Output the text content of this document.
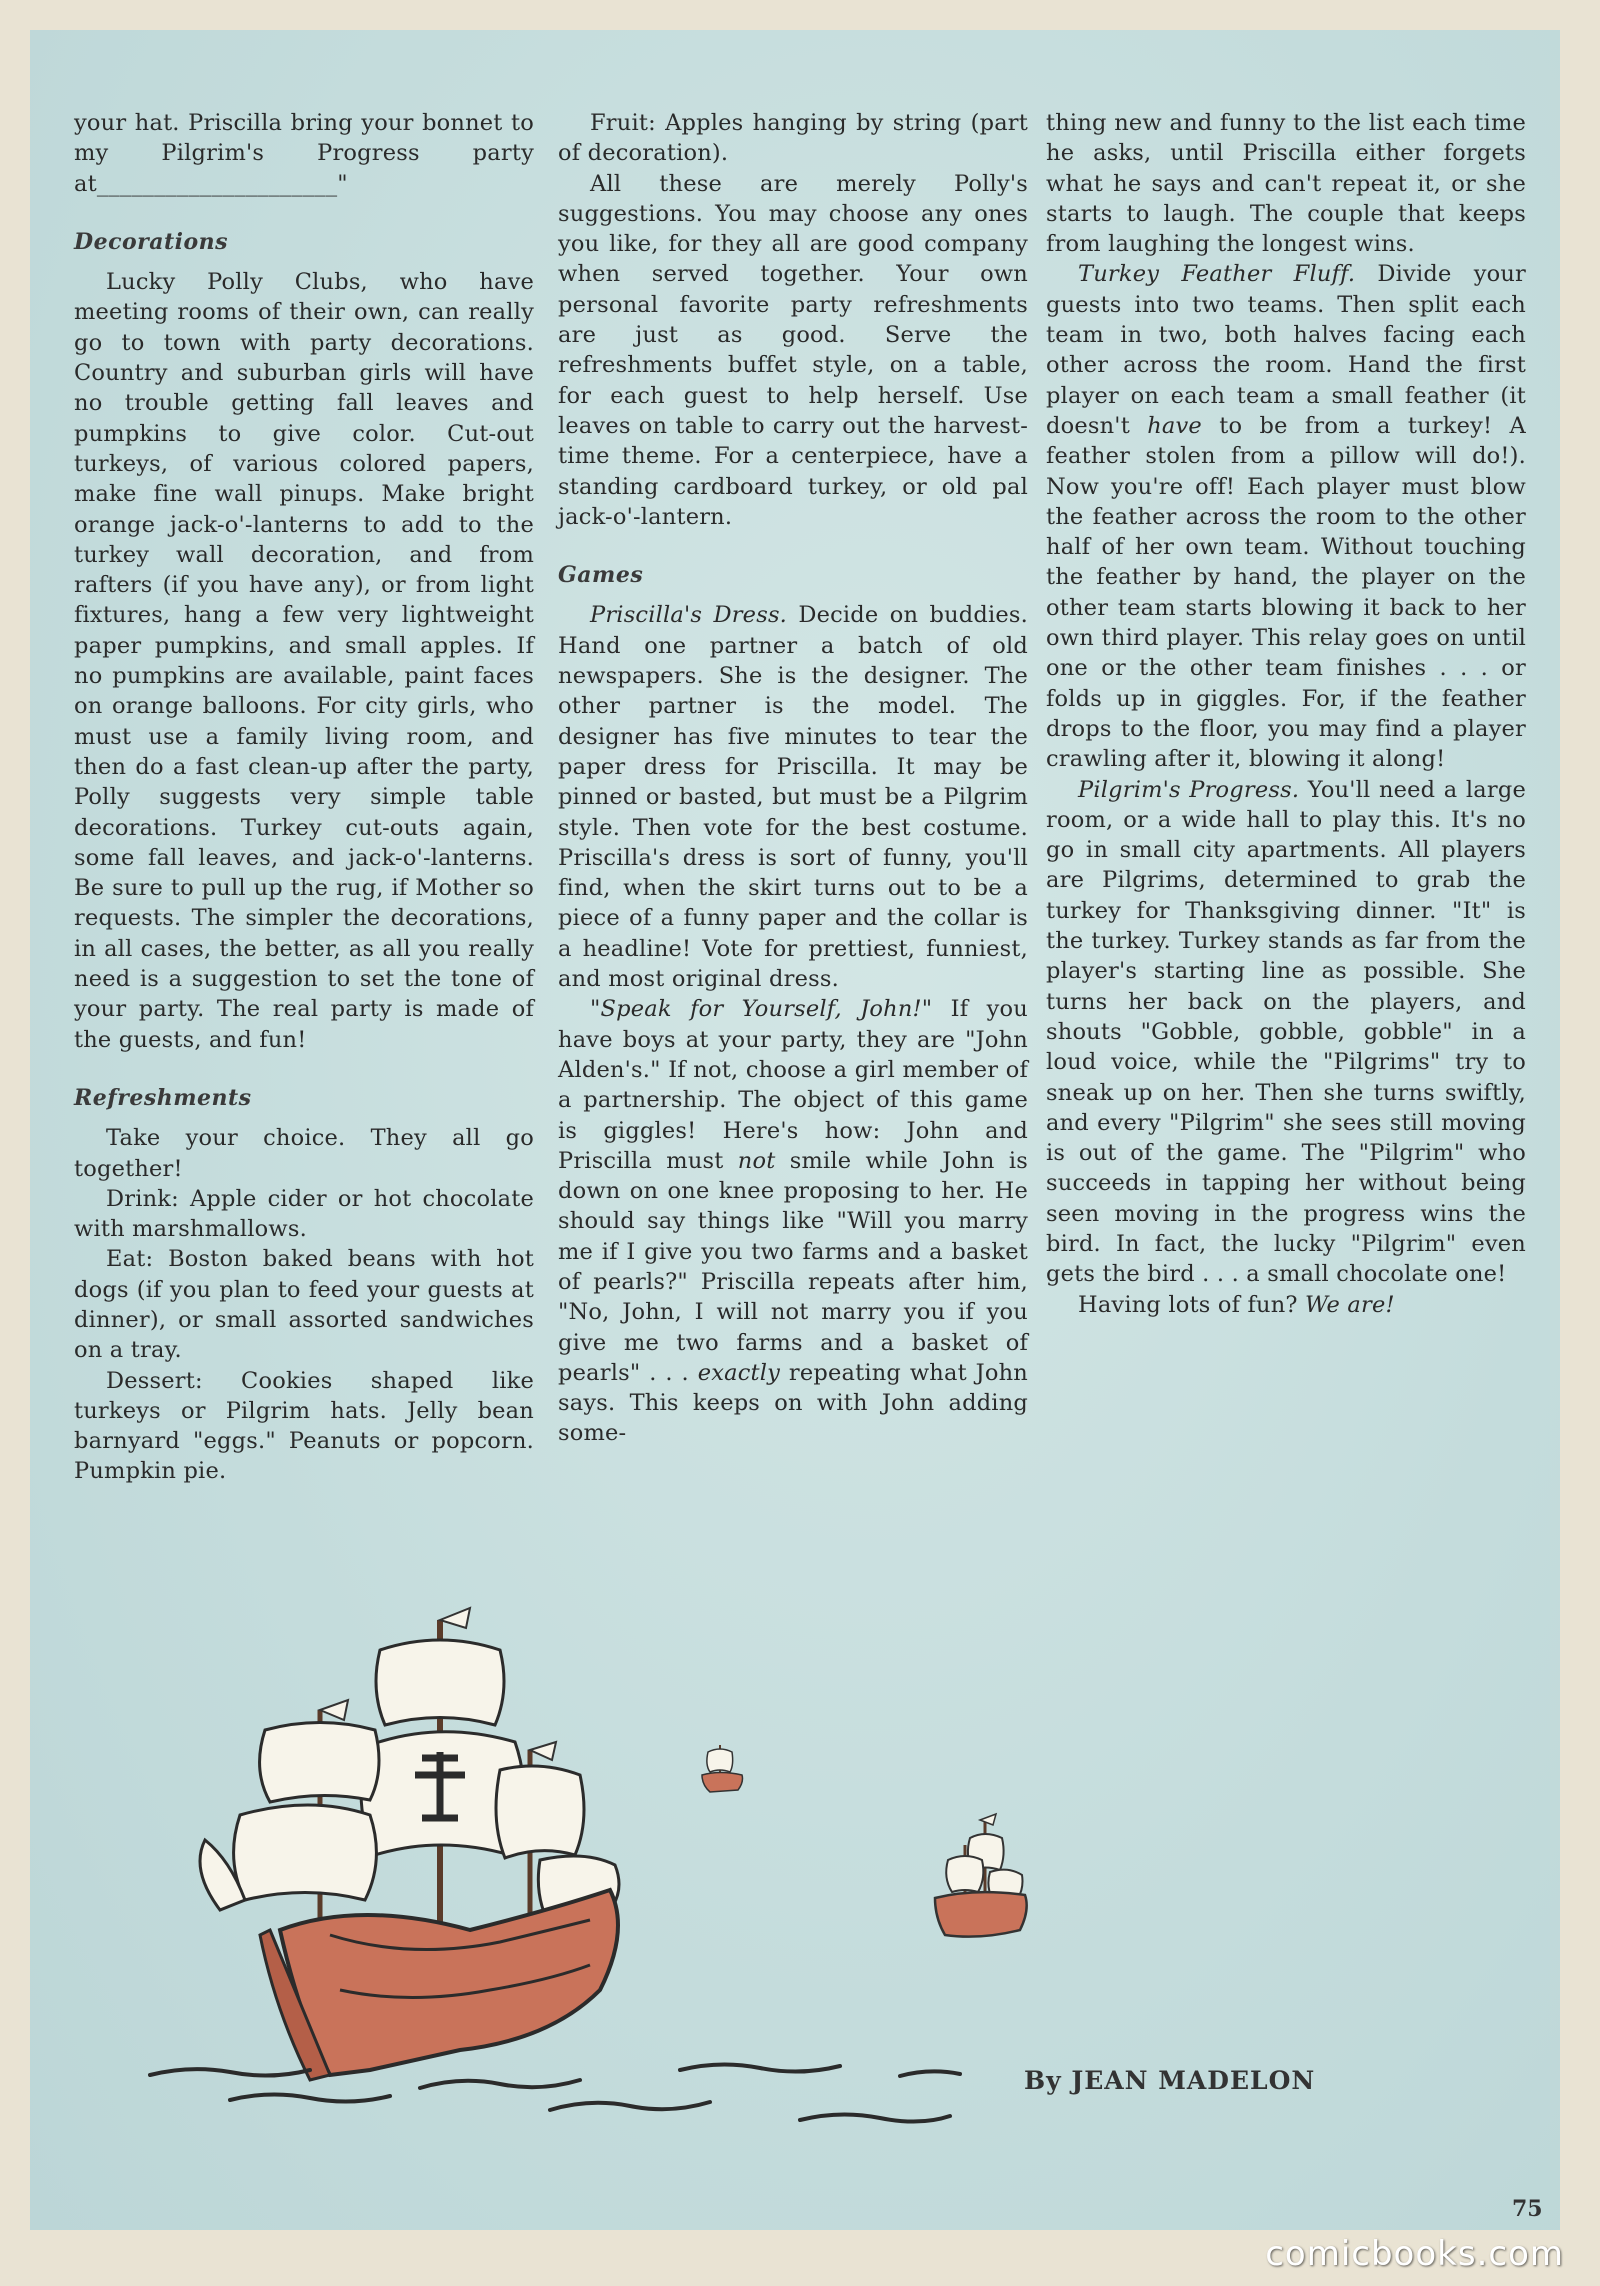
your hat. Priscilla bring your bonnet to my Pilgrim's Progress party at_____________________"

Decorations

Lucky Polly Clubs, who have meeting rooms of their own, can really go to town with party decorations. Country and suburban girls will have no trouble getting fall leaves and pumpkins to give color. Cut-out turkeys, of various colored papers, make fine wall pinups. Make bright orange jack-o'-lanterns to add to the turkey wall decoration, and from rafters (if you have any), or from light fixtures, hang a few very lightweight paper pumpkins, and small apples. If no pumpkins are available, paint faces on orange balloons. For city girls, who must use a family living room, and then do a fast clean-up after the party, Polly suggests very simple table decorations. Turkey cut-outs again, some fall leaves, and jack-o'-lanterns. Be sure to pull up the rug, if Mother so requests. The simpler the decorations, in all cases, the better, as all you really need is a suggestion to set the tone of your party. The real party is made of the guests, and fun!

Refreshments

Take your choice. They all go together!

Drink: Apple cider or hot chocolate with marshmallows.

Eat: Boston baked beans with hot dogs (if you plan to feed your guests at dinner), or small assorted sandwiches on a tray.

Dessert: Cookies shaped like turkeys or Pilgrim hats. Jelly bean barnyard "eggs." Peanuts or popcorn. Pumpkin pie.

Fruit: Apples hanging by string (part of decoration).

All these are merely Polly's suggestions. You may choose any ones you like, for they all are good company when served together. Your own personal favorite party refreshments are just as good. Serve the refreshments buffet style, on a table, for each guest to help herself. Use leaves on table to carry out the harvest-time theme. For a centerpiece, have a standing cardboard turkey, or old pal jack-o'-lantern.

Games

Priscilla's Dress. Decide on buddies. Hand one partner a batch of old newspapers. She is the designer. The other partner is the model. The designer has five minutes to tear the paper dress for Priscilla. It may be pinned or basted, but must be a Pilgrim style. Then vote for the best costume. Priscilla's dress is sort of funny, you'll find, when the skirt turns out to be a piece of a funny paper and the collar is a headline! Vote for prettiest, funniest, and most original dress.

"Speak for Yourself, John!" If you have boys at your party, they are "John Alden's." If not, choose a girl member of a partnership. The object of this game is giggles! Here's how: John and Priscilla must not smile while John is down on one knee proposing to her. He should say things like "Will you marry me if I give you two farms and a basket of pearls?" Priscilla repeats after him, "No, John, I will not marry you if you give me two farms and a basket of pearls" . . . exactly repeating what John says. This keeps on with John adding some-

thing new and funny to the list each time he asks, until Priscilla either forgets what he says and can't repeat it, or she starts to laugh. The couple that keeps from laughing the longest wins.

Turkey Feather Fluff. Divide your guests into two teams. Then split each team in two, both halves facing each other across the room. Hand the first player on each team a small feather (it doesn't have to be from a turkey! A feather stolen from a pillow will do!). Now you're off! Each player must blow the feather across the room to the other half of her own team. Without touching the feather by hand, the player on the other team starts blowing it back to her own third player. This relay goes on until one or the other team finishes . . . or folds up in giggles. For, if the feather drops to the floor, you may find a player crawling after it, blowing it along!

Pilgrim's Progress. You'll need a large room, or a wide hall to play this. It's no go in small city apartments. All players are Pilgrims, determined to grab the turkey for Thanksgiving dinner. "It" is the turkey. Turkey stands as far from the player's starting line as possible. She turns her back on the players, and shouts "Gobble, gobble, gobble" in a loud voice, while the "Pilgrims" try to sneak up on her. Then she turns swiftly, and every "Pilgrim" she sees still moving is out of the game. The "Pilgrim" who succeeds in tapping her without being seen moving in the progress wins the bird. In fact, the lucky "Pilgrim" even gets the bird . . . a small chocolate one!

Having lots of fun? We are!

By JEAN MADELON
75
comicbooks.com
